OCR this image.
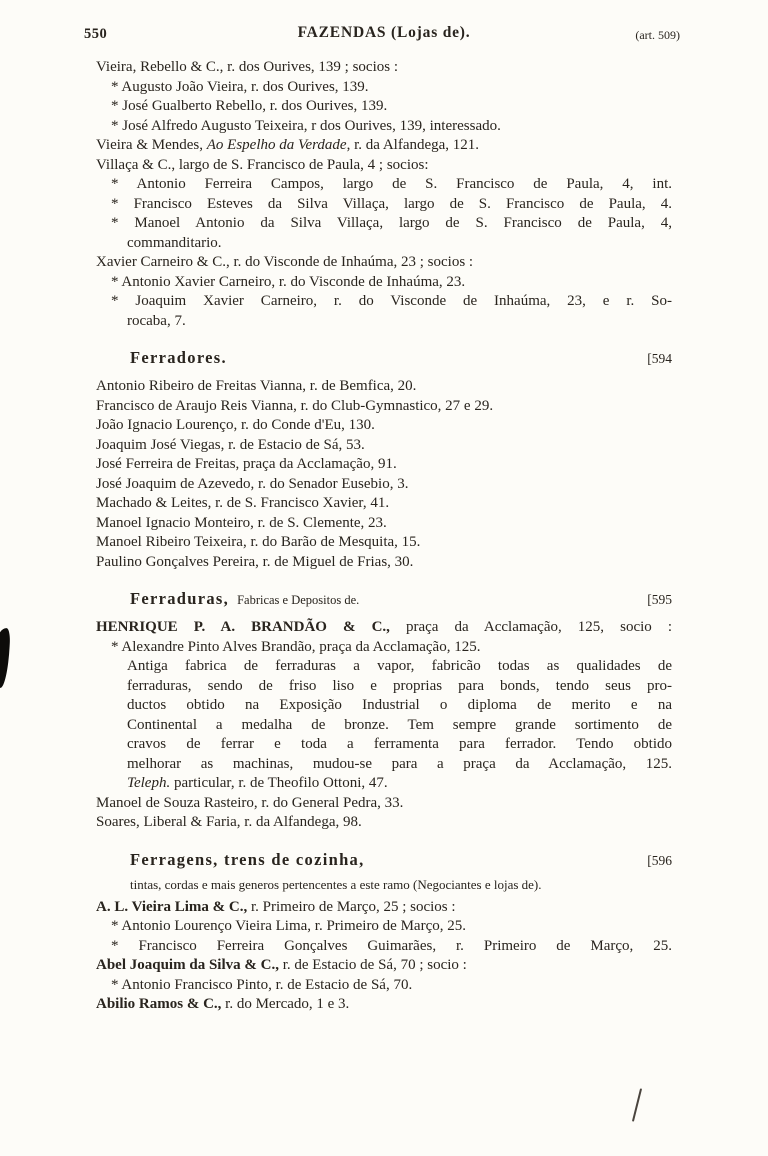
550	FAZENDAS (Lojas de).	(art. 509)
Vieira, Rebello & C., r. dos Ourives, 139 ; socios :
* Augusto João Vieira, r. dos Ourives, 139.
* José Gualberto Rebello, r. dos Ourives, 139.
* José Alfredo Augusto Teixeira, r dos Ourives, 139, interessado.
Vieira & Mendes, Ao Espelho da Verdade, r. da Alfandega, 121.
Villaça & C., largo de S. Francisco de Paula, 4 ; socios:
* Antonio Ferreira Campos, largo de S. Francisco de Paula, 4, int.
* Francisco Esteves da Silva Villaça, largo de S. Francisco de Paula, 4.
* Manoel Antonio da Silva Villaça, largo de S. Francisco de Paula, 4,
commanditario.
Xavier Carneiro & C., r. do Visconde de Inhaúma, 23 ; socios :
* Antonio Xavier Carneiro, r. do Visconde de Inhaúma, 23.
* Joaquim Xavier Carneiro, r. do Visconde de Inhaúma, 23, e r. So-
rocaba, 7.
Ferradores.	[594
Antonio Ribeiro de Freitas Vianna, r. de Bemfica, 20.
Francisco de Araujo Reis Vianna, r. do Club-Gymnastico, 27 e 29.
João Ignacio Lourenço, r. do Conde d'Eu, 130.
Joaquim José Viegas, r. de Estacio de Sá, 53.
José Ferreira de Freitas, praça da Acclamação, 91.
José Joaquim de Azevedo, r. do Senador Eusebio, 3.
Machado & Leites, r. de S. Francisco Xavier, 41.
Manoel Ignacio Monteiro, r. de S. Clemente, 23.
Manoel Ribeiro Teixeira, r. do Barão de Mesquita, 15.
Paulino Gonçalves Pereira, r. de Miguel de Frias, 30.
Ferraduras, Fabricas e Depositos de.	[595
HENRIQUE P. A. BRANDÃO & C., praça da Acclamação, 125, socio :
* Alexandre Pinto Alves Brandão, praça da Acclamação, 125.
Antiga fabrica de ferraduras a vapor, fabricão todas as qualidades de
ferraduras, sendo de friso liso e proprias para bonds, tendo seus pro-
ductos obtido na Exposição Industrial o diploma de merito e na
Continental a medalha de bronze. Tem sempre grande sortimento de
cravos de ferrar e toda a ferramenta para ferrador. Tendo obtido
melhorar as machinas, mudou-se para a praça da Acclamação, 125.
Teleph. particular, r. de Theofilo Ottoni, 47.
Manoel de Souza Rasteiro, r. do General Pedra, 33.
Soares, Liberal & Faria, r. da Alfandega, 98.
Ferragens, trens de cozinha,	[596
tintas, cordas e mais generos pertencentes a este ramo (Negociantes e lojas de).
A. L. Vieira Lima & C., r. Primeiro de Março, 25 ; socios :
* Antonio Lourenço Vieira Lima, r. Primeiro de Março, 25.
* Francisco Ferreira Gonçalves Guimarães, r. Primeiro de Março, 25.
Abel Joaquim da Silva & C., r. de Estacio de Sá, 70 ; socio :
* Antonio Francisco Pinto, r. de Estacio de Sá, 70.
Abilio Ramos & C., r. do Mercado, 1 e 3.
